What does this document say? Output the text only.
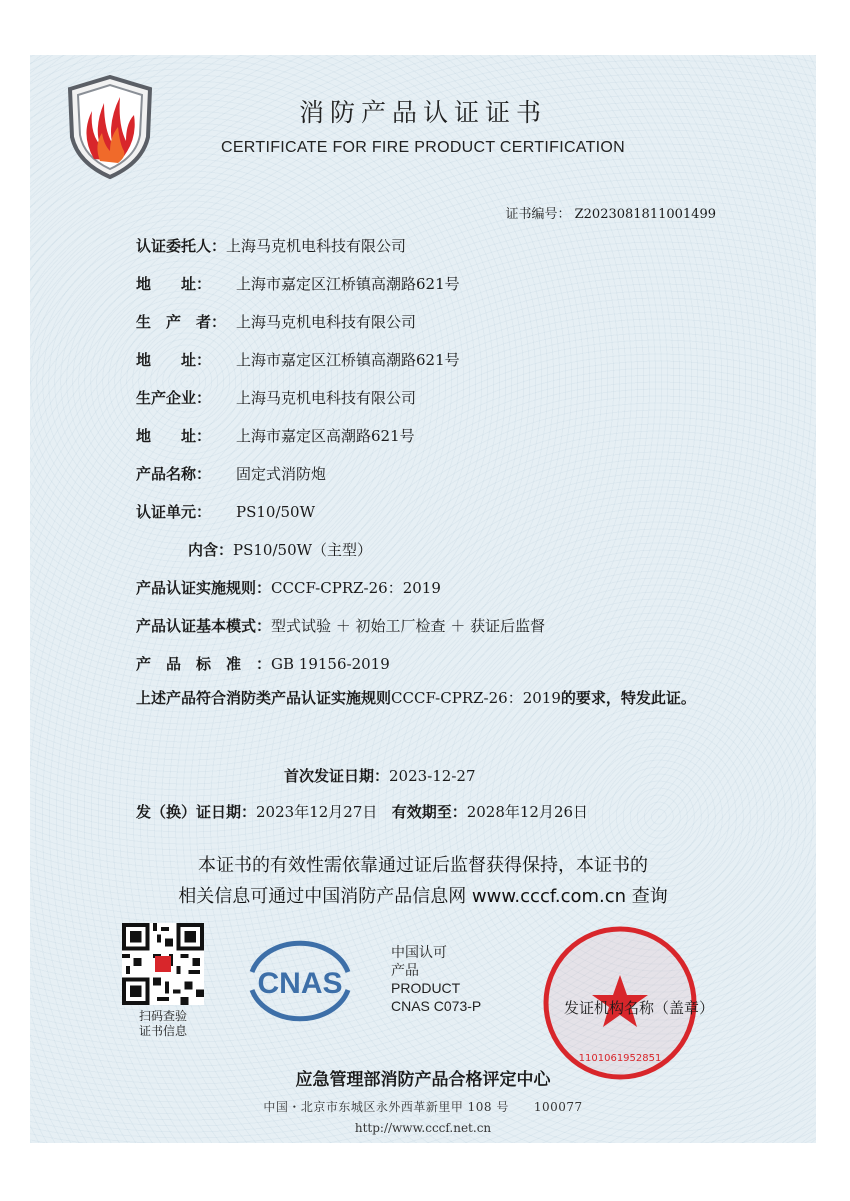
消防产品认证证书
CERTIFICATE FOR FIRE PRODUCT CERTIFICATION
证书编号： Z2023081811001499
认证委托人：上海马克机电科技有限公司
地　　址： 上海市嘉定区江桥镇高潮路621号
生　产　者： 上海马克机电科技有限公司
地　　址： 上海市嘉定区江桥镇高潮路621号
生产企业： 上海马克机电科技有限公司
地　　址： 上海市嘉定区高潮路621号
产品名称： 固定式消防炮
认证单元： PS10/50W
内含：PS10/50W（主型）
产品认证实施规则：CCCF-CPRZ-26：2019
产品认证基本模式：型式试验 ＋ 初始工厂检查 ＋ 获证后监督
产　品　标　准　：GB 19156-2019
上述产品符合消防类产品认证实施规则CCCF-CPRZ-26：2019的要求，特发此证。
首次发证日期：2023-12-27
发（换）证日期：2023年12月27日 有效期至：2028年12月26日
本证书的有效性需依靠通过证后监督获得保持，本证书的
相关信息可通过中国消防产品信息网 www.cccf.com.cn 查询
扫码查验
证书信息
CNAS
中国认可
产品
PRODUCT
CNAS C073-P
1101061952851
发证机构名称（盖章）
应急管理部消防产品合格评定中心
中国・北京市东城区永外西革新里甲 108 号　　100077
http://www.cccf.net.cn
